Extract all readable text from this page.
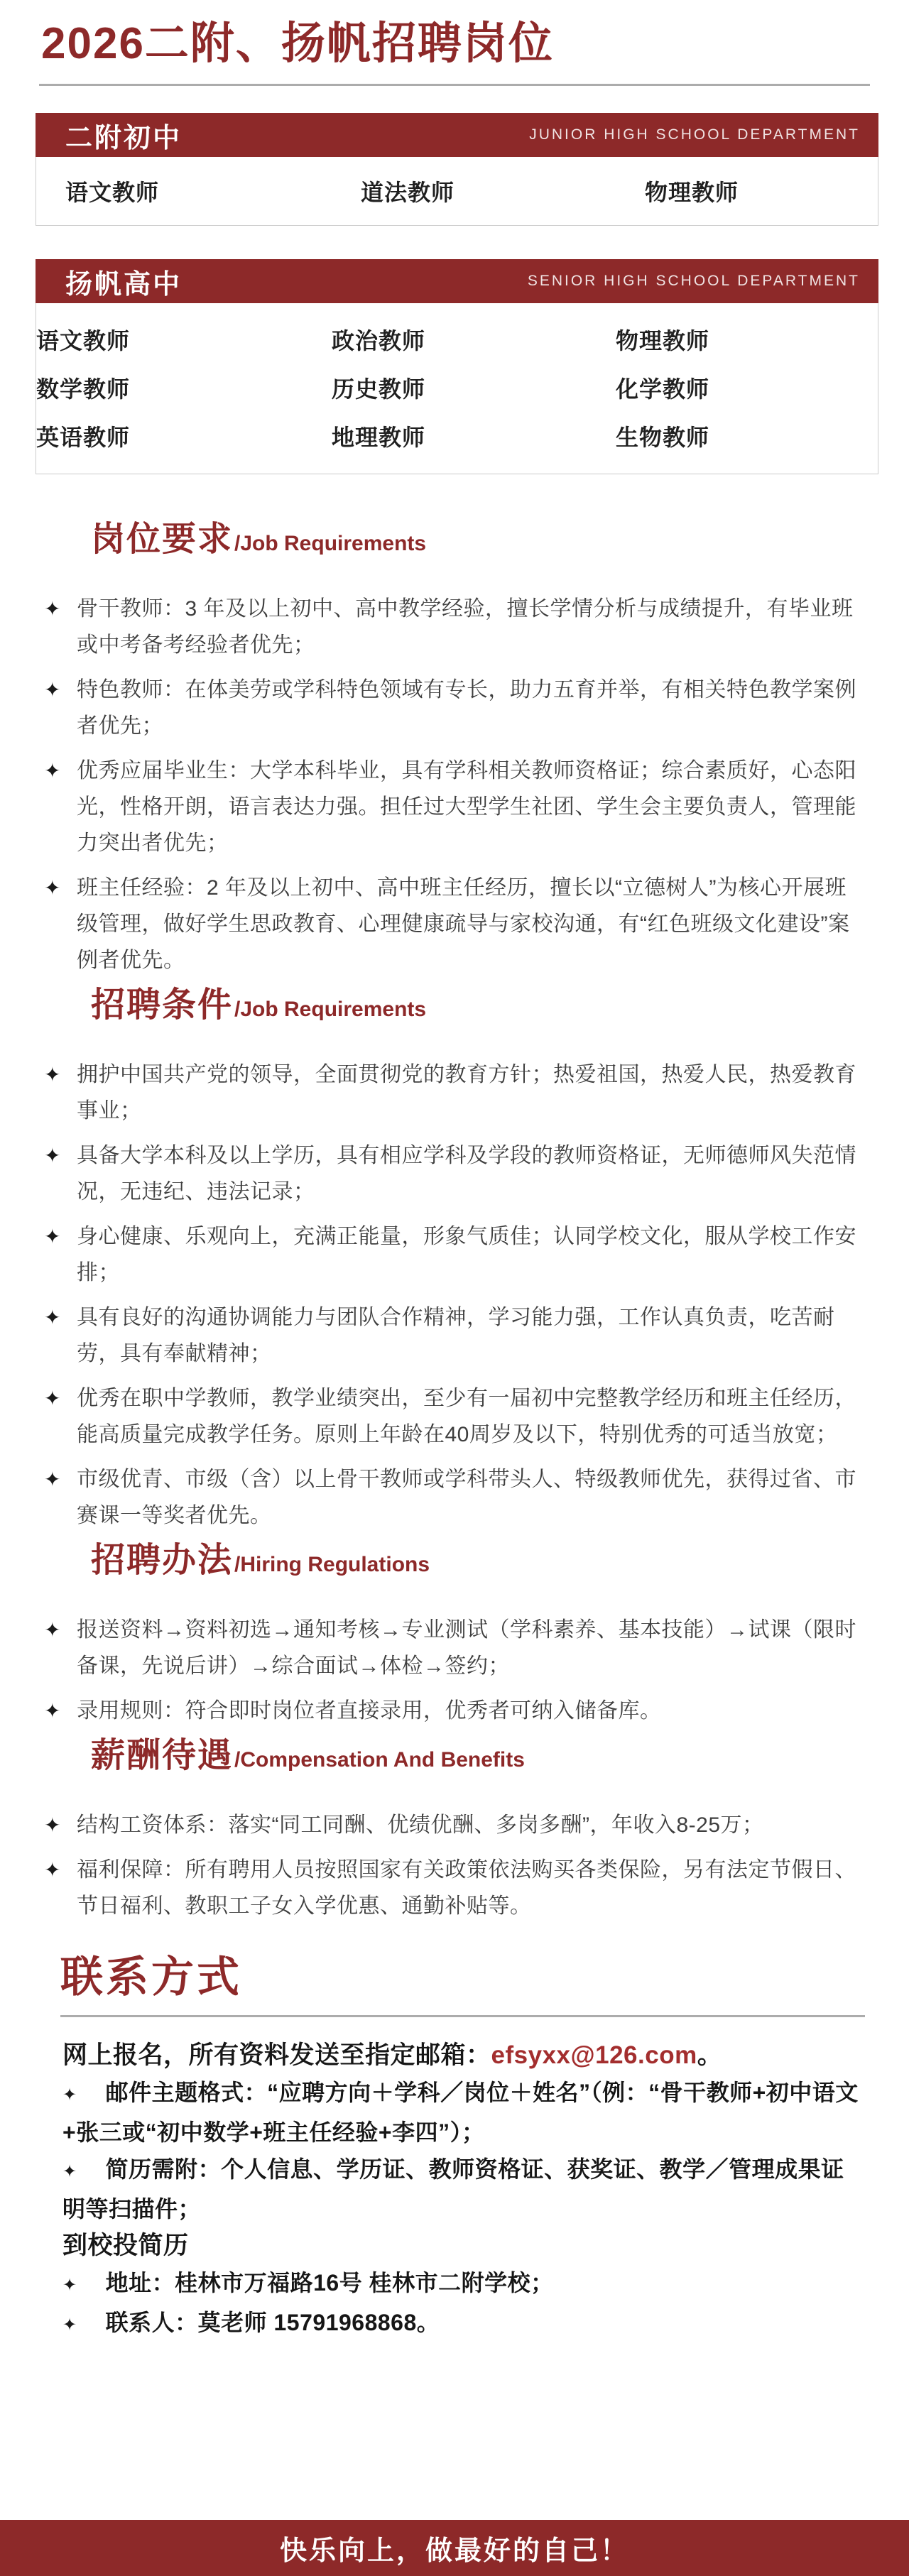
2026二附、扬帆招聘岗位
二附初中	JUNIOR HIGH SCHOOL DEPARTMENT
语文教师	道法教师	物理教师
扬帆高中	SENIOR HIGH SCHOOL DEPARTMENT
语文教师	政治教师	物理教师
数学教师	历史教师	化学教师
英语教师	地理教师	生物教师
岗位要求 /Job Requirements
✦ 骨干教师：3 年及以上初中、高中教学经验，擅长学情分析与成绩提升，有毕业班或中考备考经验者优先；

✦ 特色教师：在体美劳或学科特色领域有专长，助力五育并举，有相关特色教学案例者优先；

✦ 优秀应届毕业生：大学本科毕业，具有学科相关教师资格证；综合素质好，心态阳光，性格开朗，语言表达力强。担任过大型学生社团、学生会主要负责人，管理能力突出者优先；

✦ 班主任经验：2 年及以上初中、高中班主任经历，擅长以“立德树人”为核心开展班级管理，做好学生思政教育、心理健康疏导与家校沟通，有“红色班级文化建设”案例者优先。

招聘条件 /Job Requirements
✦ 拥护中国共产党的领导，全面贯彻党的教育方针；热爱祖国，热爱人民，热爱教育事业；

✦ 具备大学本科及以上学历，具有相应学科及学段的教师资格证，无师德师风失范情况，无违纪、违法记录；

✦ 身心健康、乐观向上，充满正能量，形象气质佳；认同学校文化，服从学校工作安排；

✦ 具有良好的沟通协调能力与团队合作精神，学习能力强，工作认真负责，吃苦耐劳，具有奉献精神；

✦ 优秀在职中学教师，教学业绩突出，至少有一届初中完整教学经历和班主任经历，能高质量完成教学任务。原则上年龄在40周岁及以下，特别优秀的可适当放宽；

✦ 市级优青、市级（含）以上骨干教师或学科带头人、特级教师优先，获得过省、市赛课一等奖者优先。

招聘办法 /Hiring Regulations
✦ 报送资料→资料初选→通知考核→专业测试（学科素养、基本技能）→试课（限时备课，先说后讲）→综合面试→体检→签约；

✦ 录用规则：符合即时岗位者直接录用，优秀者可纳入储备库。

薪酬待遇 /Compensation And Benefits
✦ 结构工资体系：落实“同工同酬、优绩优酬、多岗多酬”，年收入8-25万；

✦ 福利保障：所有聘用人员按照国家有关政策依法购买各类保险，另有法定节假日、节日福利、教职工子女入学优惠、通勤补贴等。

联系方式

网上报名，所有资料发送至指定邮箱：efsyxx@126.com。

✦ 邮件主题格式：“应聘方向＋学科／岗位＋姓名”（例：“骨干教师+初中语文+张三或“初中数学+班主任经验+李四”）；

✦ 简历需附：个人信息、学历证、教师资格证、获奖证、教学／管理成果证明等扫描件；

到校投简历

✦ 地址：桂林市万福路16号 桂林市二附学校；

✦ 联系人：莫老师 15791968868。

快乐向上，做最好的自己！
